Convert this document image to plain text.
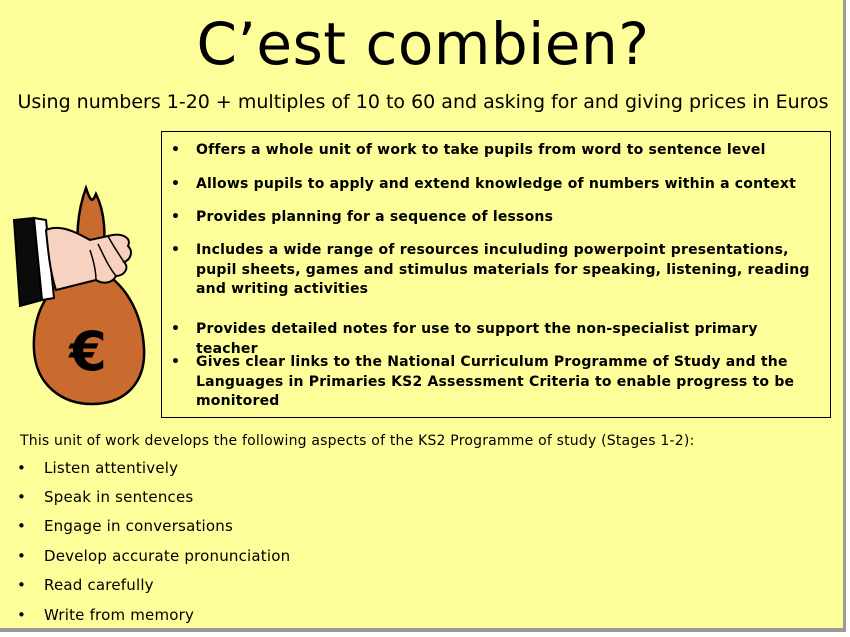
C’est combien?
Using numbers 1-20 + multiples of 10 to 60 and asking for and giving prices in Euros
€
• Offers a whole unit of work to take pupils from word to sentence level
• Allows pupils to apply and extend knowledge of numbers within a context
• Provides planning for a sequence of lessons
• Includes a wide range of resources inculuding powerpoint presentations, pupil sheets, games and stimulus materials for speaking, listening, reading and writing activities
• Provides detailed notes for use to support the non-specialist primary teacher
• Gives clear links to the National Curriculum Programme of Study and the Languages in Primaries KS2 Assessment Criteria to enable progress to be monitored
This unit of work develops the following aspects of the KS2 Programme of study (Stages 1-2):
• Listen attentively
• Speak in sentences
• Engage in conversations
• Develop accurate pronunciation
• Read carefully
• Write from memory
